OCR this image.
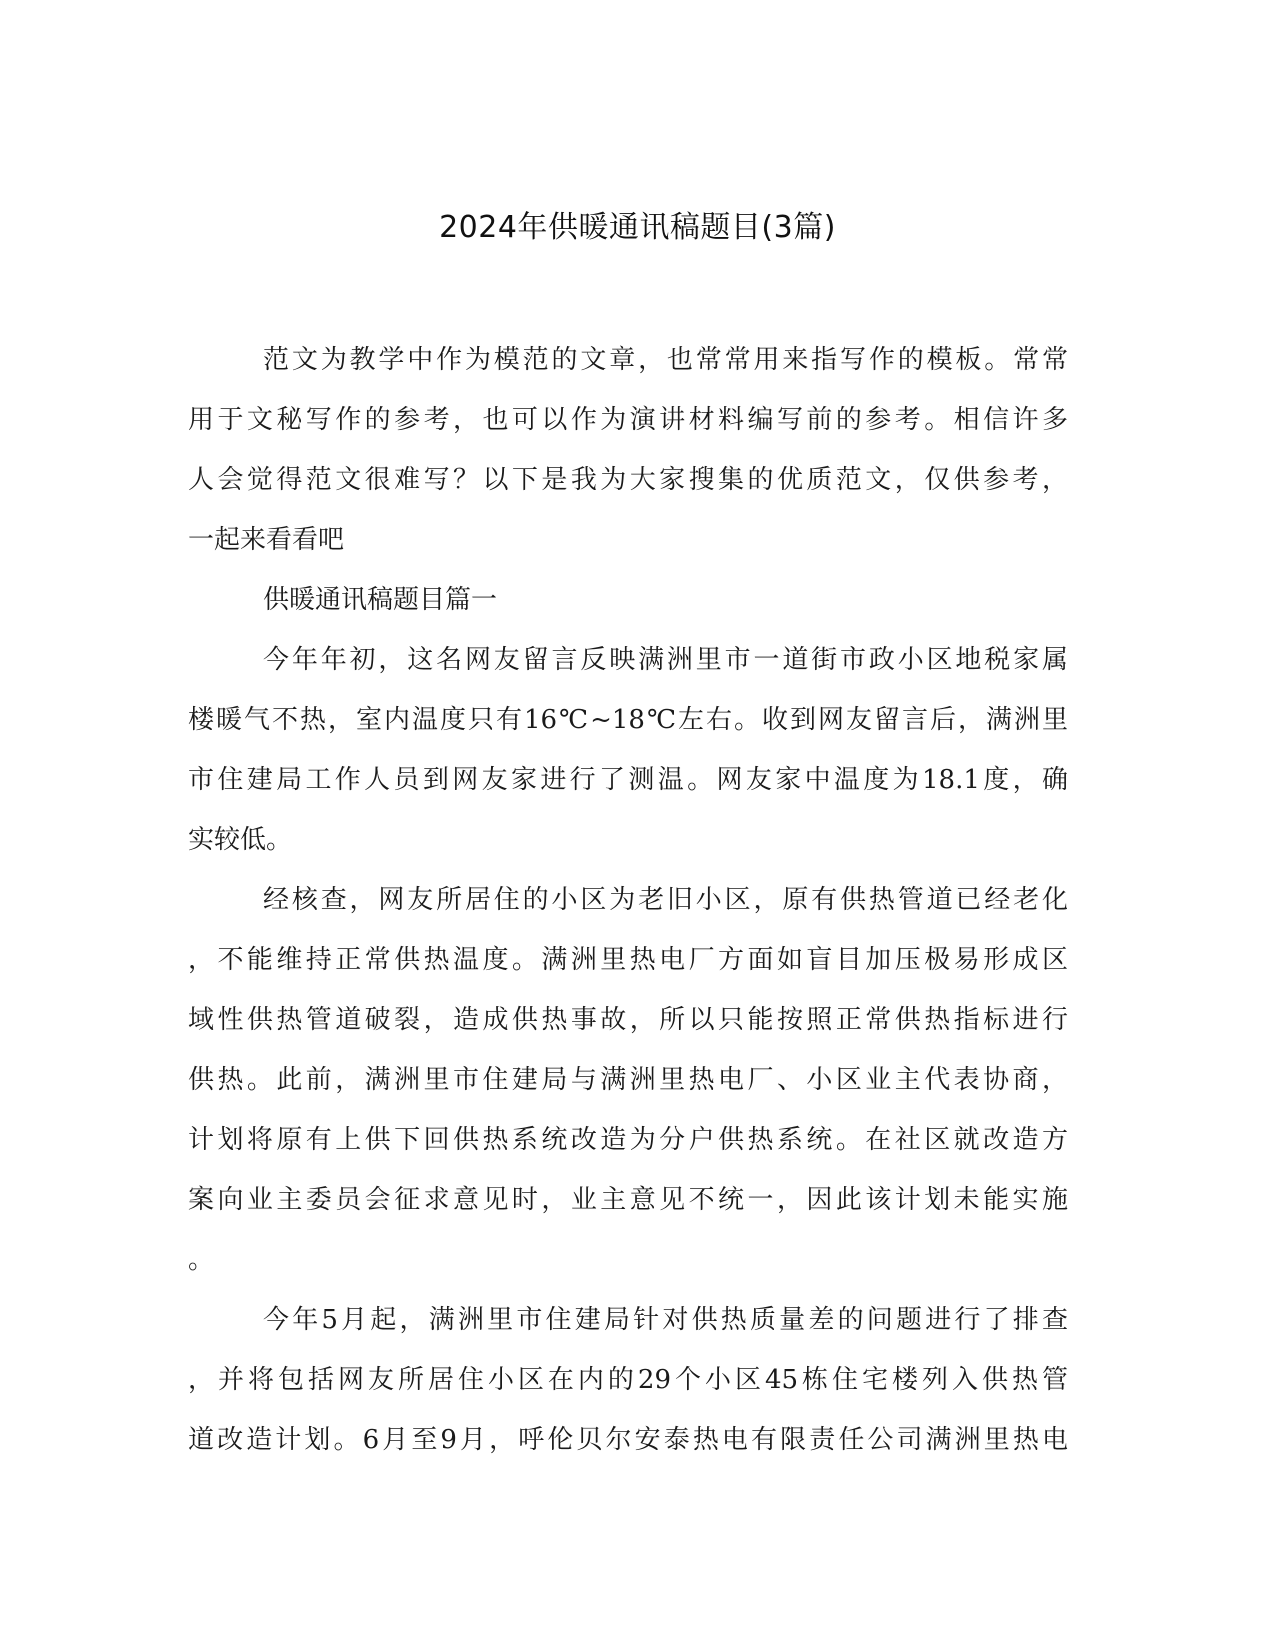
2024年供暖通讯稿题目(3篇)
范文为教学中作为模范的文章，也常常用来指写作的模板。常常
用于文秘写作的参考，也可以作为演讲材料编写前的参考。相信许多
人会觉得范文很难写？以下是我为大家搜集的优质范文，仅供参考，
一起来看看吧
供暖通讯稿题目篇一
今年年初，这名网友留言反映满洲里市一道街市政小区地税家属
楼暖气不热，室内温度只有16℃~18℃左右。收到网友留言后，满洲里
市住建局工作人员到网友家进行了测温。网友家中温度为18.1度，确
实较低。
经核查，网友所居住的小区为老旧小区，原有供热管道已经老化
，不能维持正常供热温度。满洲里热电厂方面如盲目加压极易形成区
域性供热管道破裂，造成供热事故，所以只能按照正常供热指标进行
供热。此前，满洲里市住建局与满洲里热电厂、小区业主代表协商，
计划将原有上供下回供热系统改造为分户供热系统。在社区就改造方
案向业主委员会征求意见时，业主意见不统一，因此该计划未能实施
。
今年5月起，满洲里市住建局针对供热质量差的问题进行了排查
，并将包括网友所居住小区在内的29个小区45栋住宅楼列入供热管
道改造计划。6月至9月，呼伦贝尔安泰热电有限责任公司满洲里热电
